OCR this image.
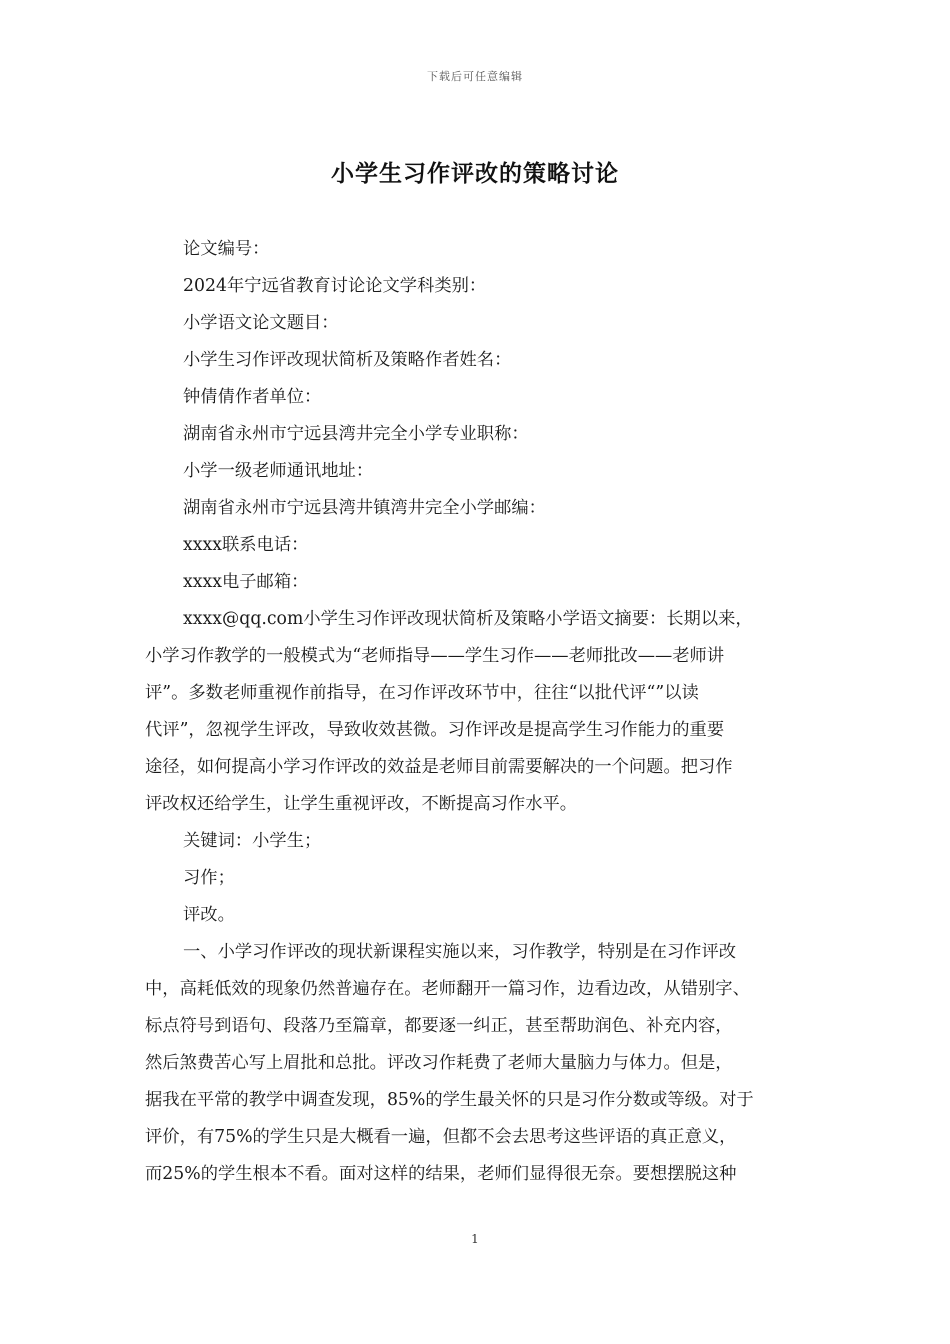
下载后可任意编辑
小学生习作评改的策略讨论
论文编号：
2024年宁远省教育讨论论文学科类别：
小学语文论文题目：
小学生习作评改现状简析及策略作者姓名：
钟倩倩作者单位：
湖南省永州市宁远县湾井完全小学专业职称：
小学一级老师通讯地址：
湖南省永州市宁远县湾井镇湾井完全小学邮编：
xxxx联系电话：
xxxx电子邮箱：
xxxx@qq.com小学生习作评改现状简析及策略小学语文摘要：长期以来，
小学习作教学的一般模式为“老师指导——学生习作——老师批改——老师讲
评”。多数老师重视作前指导，在习作评改环节中，往往“以批代评“”以读
代评”，忽视学生评改，导致收效甚微。习作评改是提高学生习作能力的重要
途径，如何提高小学习作评改的效益是老师目前需要解决的一个问题。把习作
评改权还给学生，让学生重视评改，不断提高习作水平。
关键词：小学生；
习作；
评改。
一、小学习作评改的现状新课程实施以来，习作教学，特别是在习作评改
中，高耗低效的现象仍然普遍存在。老师翻开一篇习作，边看边改，从错别字、
标点符号到语句、段落乃至篇章，都要逐一纠正，甚至帮助润色、补充内容，
然后煞费苦心写上眉批和总批。评改习作耗费了老师大量脑力与体力。但是，
据我在平常的教学中调查发现，85%的学生最关怀的只是习作分数或等级。对于
评价，有75%的学生只是大概看一遍，但都不会去思考这些评语的真正意义，
而25%的学生根本不看。面对这样的结果，老师们显得很无奈。要想摆脱这种
1
